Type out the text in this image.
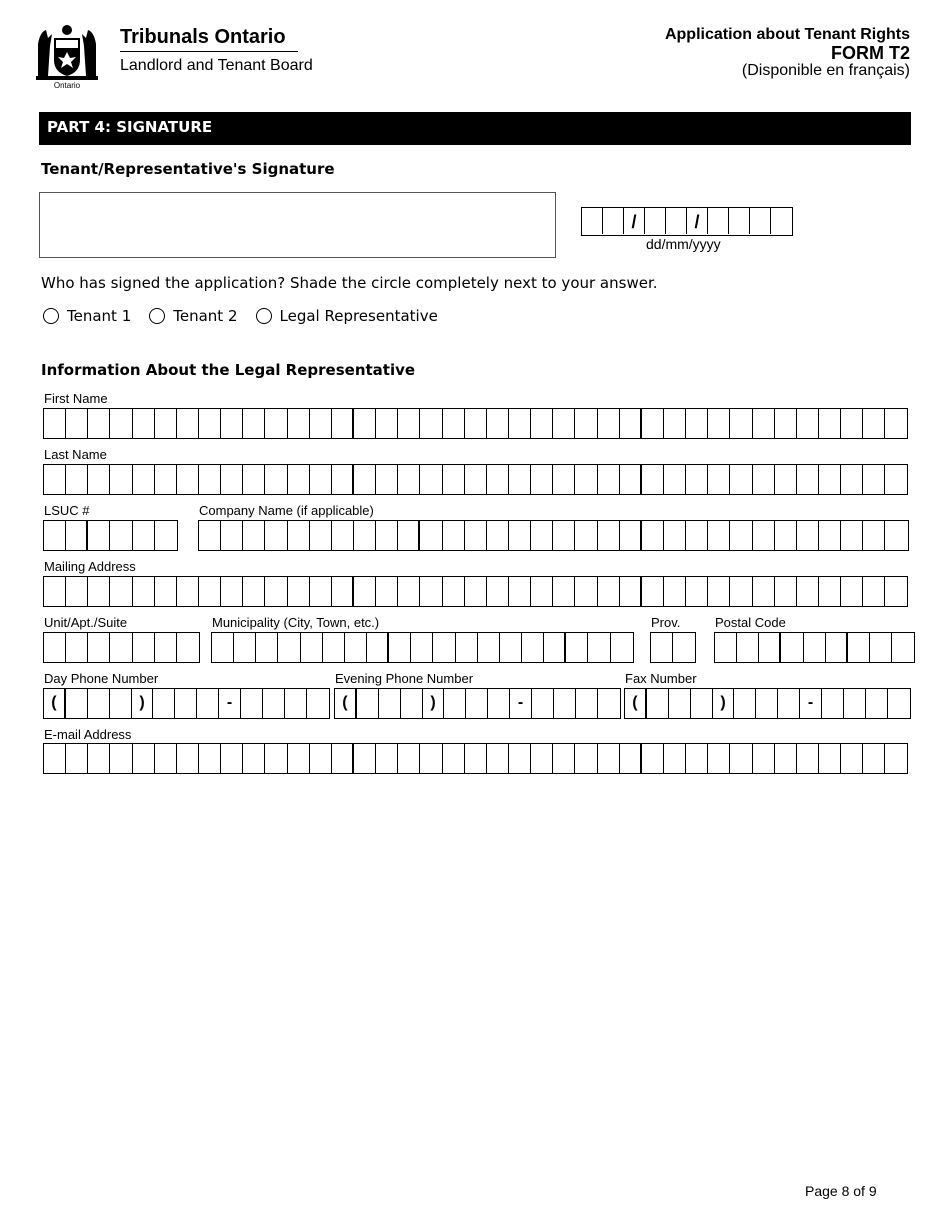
Ontario
Tribunals Ontario
Landlord and Tenant Board
Application about Tenant Rights
FORM T2
(Disponible en français)
PART 4: SIGNATURE
Tenant/Representative's Signature
/	/
dd/mm/yyyy
Who has signed the application? Shade the circle completely next to your answer.
Tenant 1	Tenant 2	Legal Representative
Information About the Legal Representative
First Name
Last Name
LSUC #	Company Name (if applicable)
Mailing Address
Unit/Apt./Suite	Municipality (City, Town, etc.)	Prov.	Postal Code
Day Phone Number
(	)	-
Evening Phone Number
(	)	-
Fax Number
(	)	-
E-mail Address
Page 8 of 9
